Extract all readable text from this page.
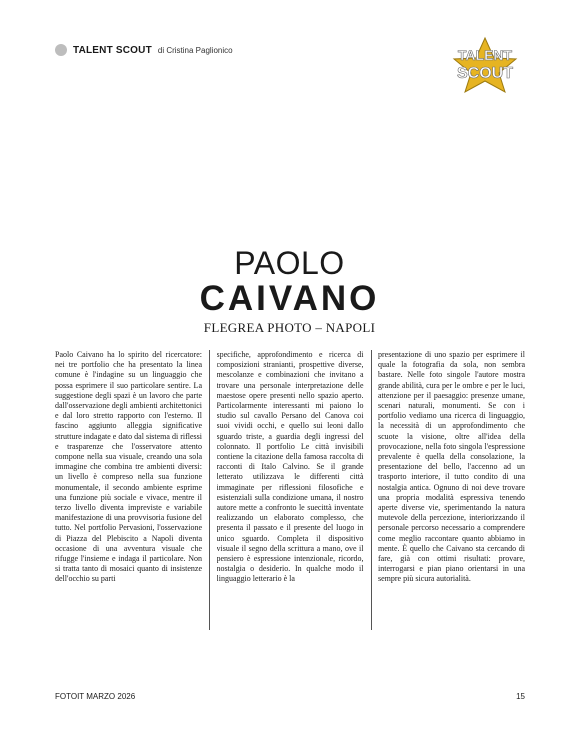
TALENT SCOUT di Cristina Paglionico	TALENT
SCOUT
PAOLO
CAIVANO
FLEGREA PHOTO – NAPOLI
Paolo Caivano ha lo spirito del ricercatore: nei tre portfolio che ha presentato la linea comune è l'indagine su un linguaggio che possa esprimere il suo particolare sentire. La suggestione degli spazi è un lavoro che parte dall'osservazione degli ambienti architettonici e dal loro stretto rapporto con l'esterno. Il fascino aggiunto alleggia significative strutture indagate e dato dal sistema di riflessi e trasparenze che l'osservatore attento compone nella sua visuale, creando una sola immagine che combina tre ambienti diversi: un livello è compreso nella sua funzione monumentale, il secondo ambiente esprime una funzione più sociale e vivace, mentre il terzo livello diventa impreviste e variabile manifestazione di una provvisoria fusione del tutto. Nel portfolio Pervasioni, l'osservazione di Piazza del Plebiscito a Napoli diventa occasione di una avventura visuale che rifugge l'insieme e indaga il particolare. Non si tratta tanto di mosaici quanto di insistenze dell'occhio su parti
specifiche, approfondimento e ricerca di composizioni stranianti, prospettive diverse, mescolanze e combinazioni che invitano a trovare una personale interpretazione delle maestose opere presenti nello spazio aperto. Particolarmente interessanti mi paiono lo studio sul cavallo Persano del Canova coi suoi vividi occhi, e quello sui leoni dallo sguardo triste, a guardia degli ingressi del colonnato. Il portfolio Le città invisibili contiene la citazione della famosa raccolta di racconti di Italo Calvino. Se il grande letterato utilizzava le differenti città immaginate per riflessioni filosofiche e esistenziali sulla condizione umana, il nostro autore mette a confronto le suecittà inventate realizzando un elaborato complesso, che presenta il passato e il presente del luogo in unico sguardo. Completa il dispositivo visuale il segno della scrittura a mano, ove il pensiero è espressione intenzionale, ricordo, nostalgia o desiderio. In qualche modo il linguaggio letterario è la
presentazione di uno spazio per esprimere il quale la fotografia da sola, non sembra bastare. Nelle foto singole l'autore mostra grande abilità, cura per le ombre e per le luci, attenzione per il paesaggio: presenze umane, scenari naturali, monumenti. Se con i portfolio vediamo una ricerca di linguaggio, la necessità di un approfondimento che scuote la visione, oltre all'idea della provocazione, nella foto singola l'espressione prevalente è quella della consolazione, la presentazione del bello, l'accenno ad un trasporto interiore, il tutto condito di una nostalgia antica. Ognuno di noi deve trovare una propria modalità espressiva tenendo aperte diverse vie, sperimentando la natura mutevole della percezione, interiorizzando il personale percorso necessario a comprendere come meglio raccontare quanto abbiamo in mente. È quello che Caivano sta cercando di fare, già con ottimi risultati: provare, interrogarsi e pian piano orientarsi in una sempre più sicura autorialità.
FOTOIT MARZO 2026	15
